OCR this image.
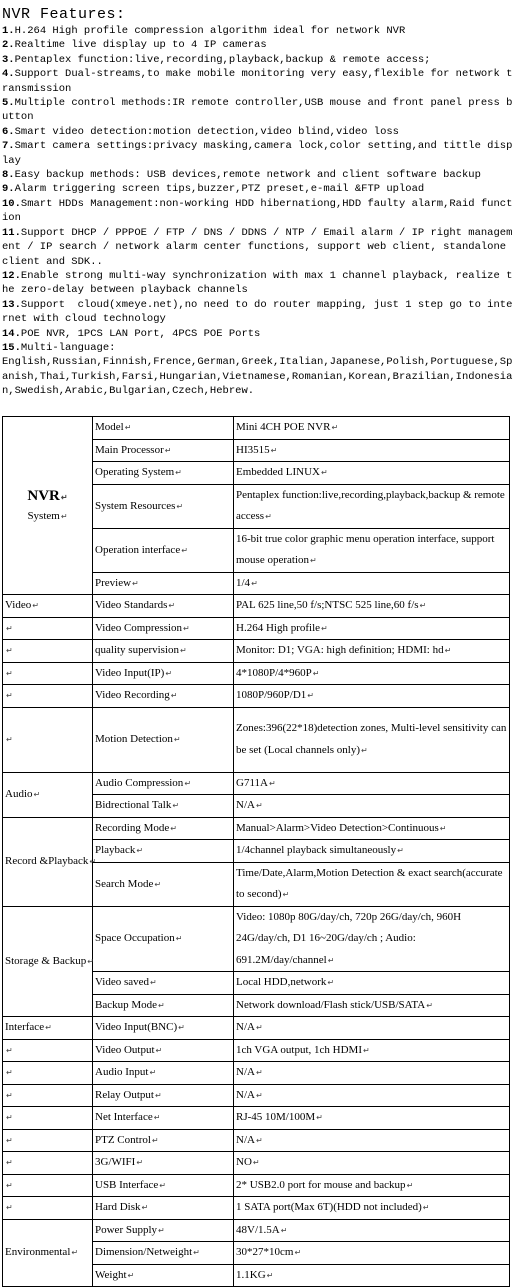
NVR Features:
1.H.264 High profile compression algorithm ideal for network NVR
2.Realtime live display up to 4 IP cameras
3.Pentaplex function:live,recording,playback,backup & remote access;
4.Support Dual-streams,to make mobile monitoring very easy,flexible for network transmission
5.Multiple control methods:IR remote controller,USB mouse and front panel press button
6.Smart video detection:motion detection,video blind,video loss
7.Smart camera settings:privacy masking,camera lock,color setting,and tittle display
8.Easy backup methods: USB devices,remote network and client software backup
9.Alarm triggering screen tips,buzzer,PTZ preset,e-mail &FTP upload
10.Smart HDDs Management:non-working HDD hibernationg,HDD faulty alarm,Raid function
11.Support DHCP / PPPOE / FTP / DNS / DDNS / NTP / Email alarm / IP right management / IP search / network alarm center functions, support web client, standalone client and SDK..
12.Enable strong multi-way synchronization with max 1 channel playback, realize the zero-delay between playback channels
13.Support  cloud(xmeye.net),no need to do router mapping, just 1 step go to internet with cloud technology
14.POE NVR, 1PCS LAN Port, 4PCS POE Ports
15.Multi-language:
English,Russian,Finnish,Frence,German,Greek,Italian,Japanese,Polish,Portuguese,Spanish,Thai,Turkish,Farsi,Hungarian,Vietnamese,Romanian,Korean,Brazilian,Indonesian,Swedish,Arabic,Bulgarian,Czech,Hebrew.
NVR↵
System↵	Model↵	Mini 4CH POE NVR↵
	Main Processor↵	HI3515↵
	Operating System↵	Embedded LINUX↵
	System Resources↵	Pentaplex function:live,recording,playback,backup & remote access↵
	Operation interface↵	16-bit true color graphic menu operation interface, support mouse operation↵
	Preview↵	1/4↵
Video↵	Video Standards↵	PAL 625 line,50 f/s;NTSC 525 line,60 f/s↵
↵	Video Compression↵	H.264 High profile↵
↵	quality supervision↵	Monitor: D1; VGA: high definition; HDMI: hd↵
↵	Video Input(IP)↵	4*1080P/4*960P↵
↵	Video Recording↵	1080P/960P/D1↵
↵	Motion Detection↵	Zones:396(22*18)detection zones, Multi-level sensitivity can be set (Local channels only)↵
Audio↵	Audio Compression↵	G711A↵
	Bidrectional Talk↵	N/A↵
Record &Playback↵	Recording Mode↵	Manual>Alarm>Video Detection>Continuous↵
	Playback↵	1/4channel playback simultaneously↵
	Search Mode↵	Time/Date,Alarm,Motion Detection & exact search(accurate to second)↵
Storage & Backup↵	Space Occupation↵	Video: 1080p 80G/day/ch, 720p 26G/day/ch, 960H 24G/day/ch, D1 16~20G/day/ch ; Audio: 691.2M/day/channel↵
	Video saved↵	Local HDD,network↵
	Backup Mode↵	Network download/Flash stick/USB/SATA↵
Interface↵	Video Input(BNC)↵	N/A↵
↵	Video Output↵	1ch VGA output, 1ch HDMI↵
↵	Audio Input↵	N/A↵
↵	Relay Output↵	N/A↵
↵	Net Interface↵	RJ-45 10M/100M↵
↵	PTZ Control↵	N/A↵
↵	3G/WIFI↵	NO↵
↵	USB Interface↵	2* USB2.0 port for mouse and backup↵
↵	Hard Disk↵	1 SATA port(Max 6T)(HDD not included)↵
Environmental↵	Power Supply↵	48V/1.5A↵
	Dimension/Netweight↵	30*27*10cm↵
	Weight↵	1.1KG↵
